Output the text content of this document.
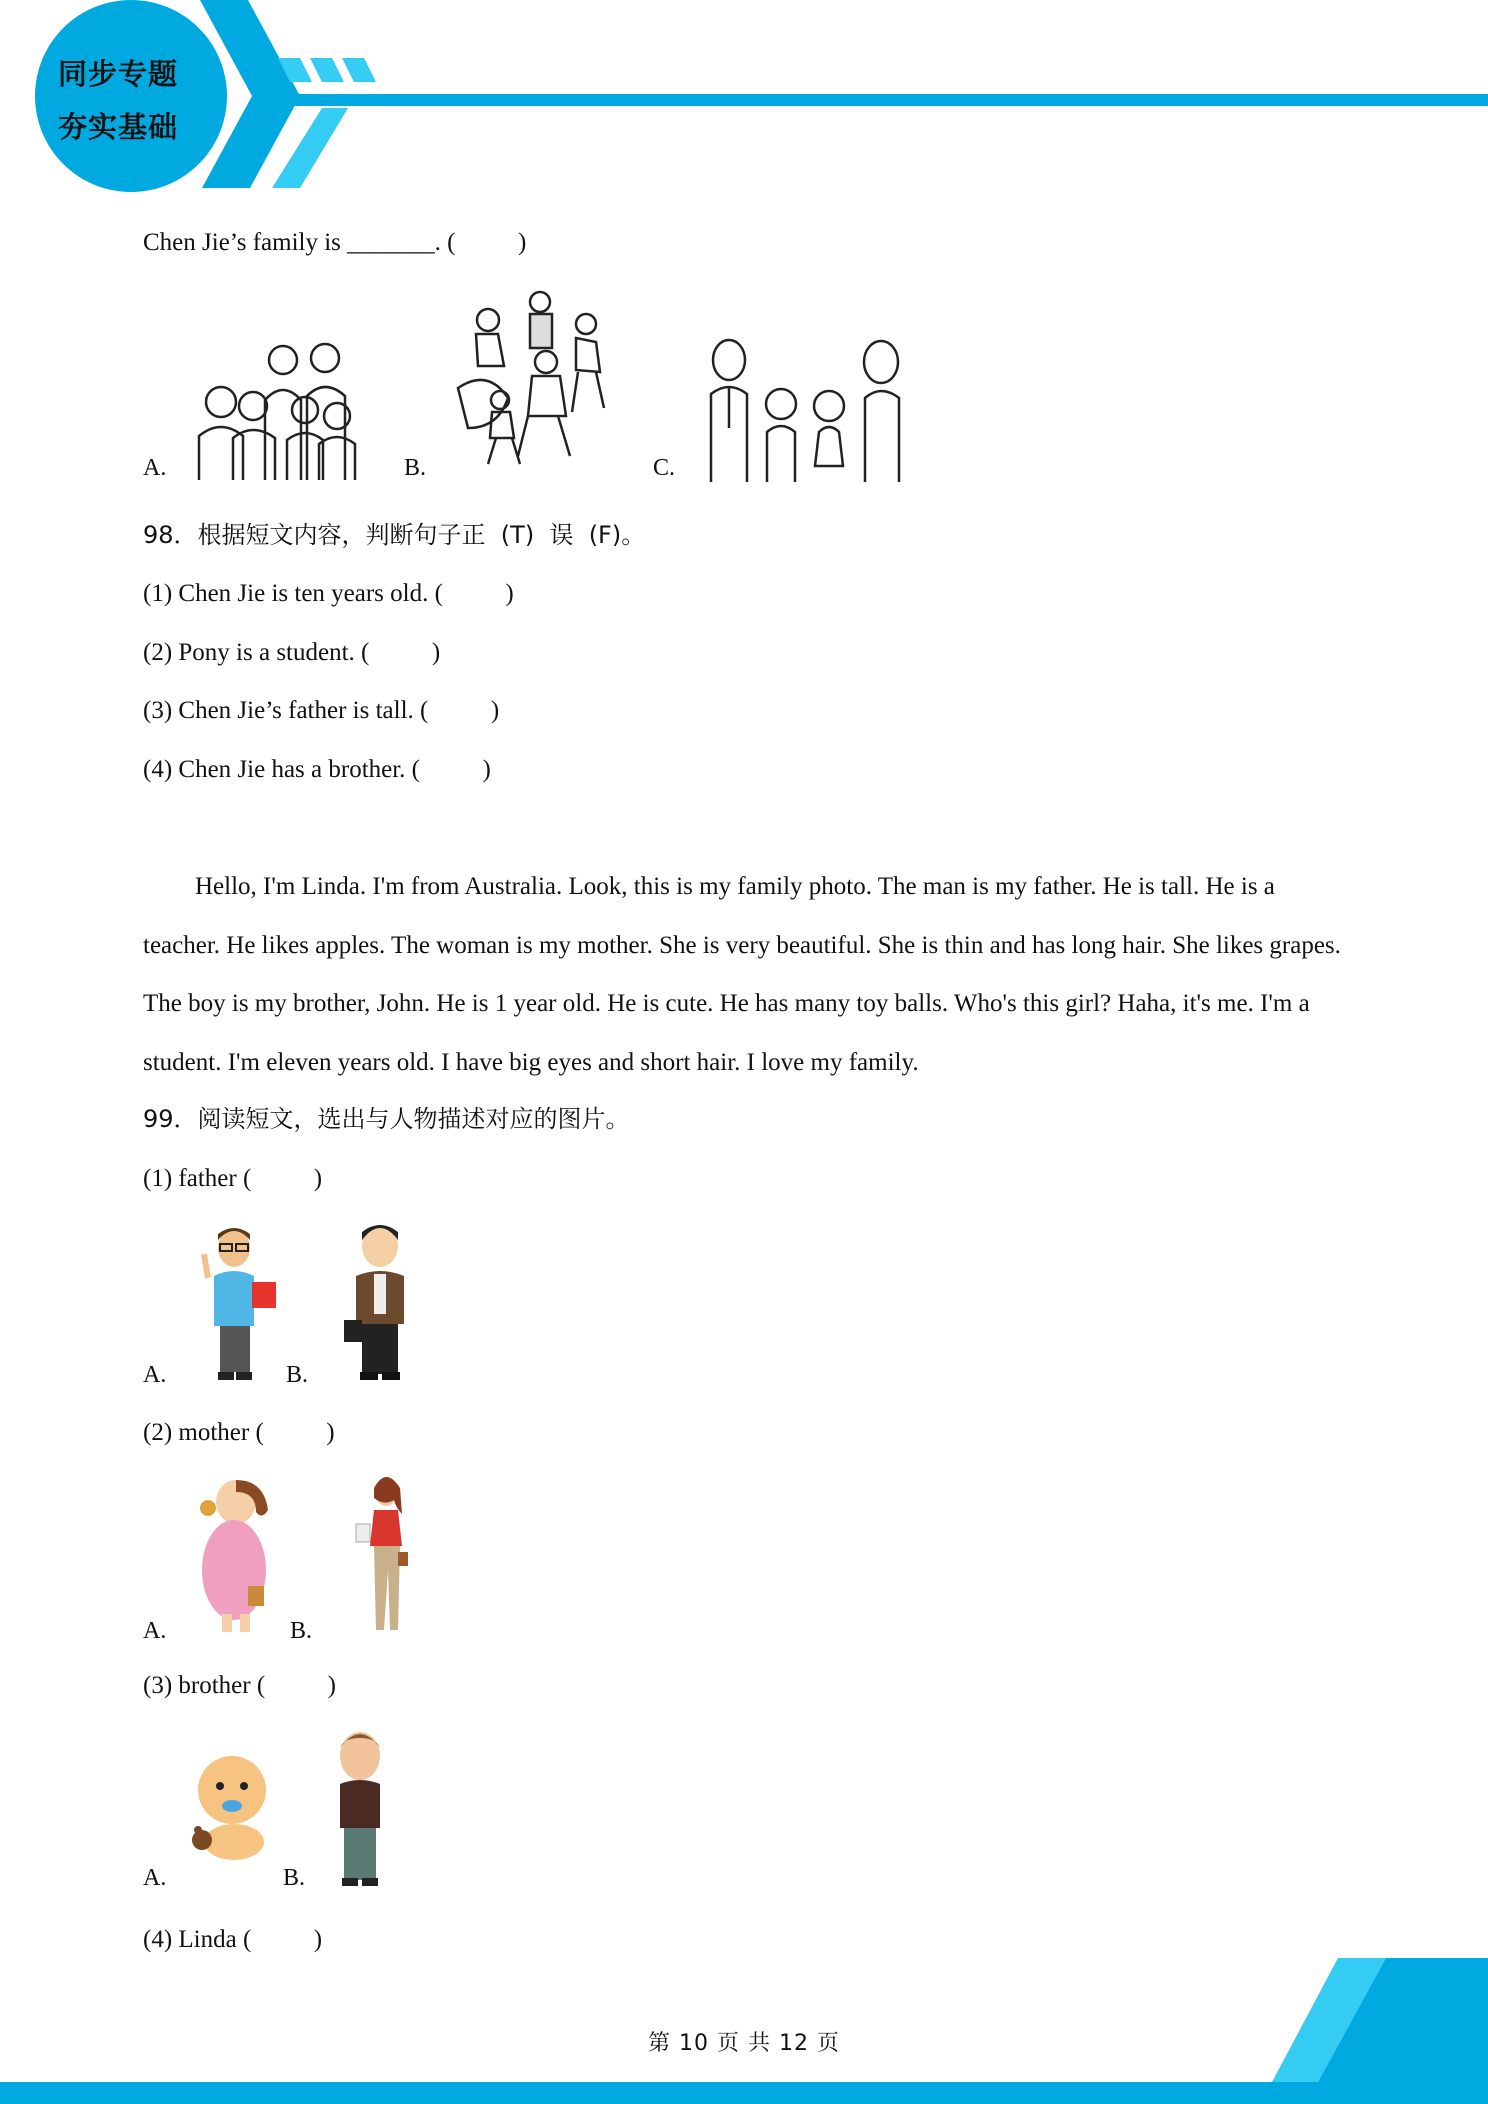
同步专题
夯实基础
Chen Jie’s family is _______. (          )
A.	B.	C.
98．根据短文内容，判断句子正  (T)  误  (F)。
(1) Chen Jie is ten years old. (          )
(2) Pony is a student. (          )
(3) Chen Jie’s father is tall. (          )
(4) Chen Jie has a brother. (          )
Hello, I'm Linda. I'm from Australia. Look, this is my family photo. The man is my father. He is tall. He is a teacher. He likes apples. The woman is my mother. She is very beautiful. She is thin and has long hair. She likes grapes. The boy is my brother, John. He is 1 year old. He is cute. He has many toy balls. Who's this girl? Haha, it's me. I'm a student. I'm eleven years old. I have big eyes and short hair. I love my family.
99．阅读短文，选出与人物描述对应的图片。
(1) father (          )
A.	B.
(2) mother (          )
A.	B.
(3) brother (          )
A.	B.
(4) Linda (          )
第 10 页 共 12 页
